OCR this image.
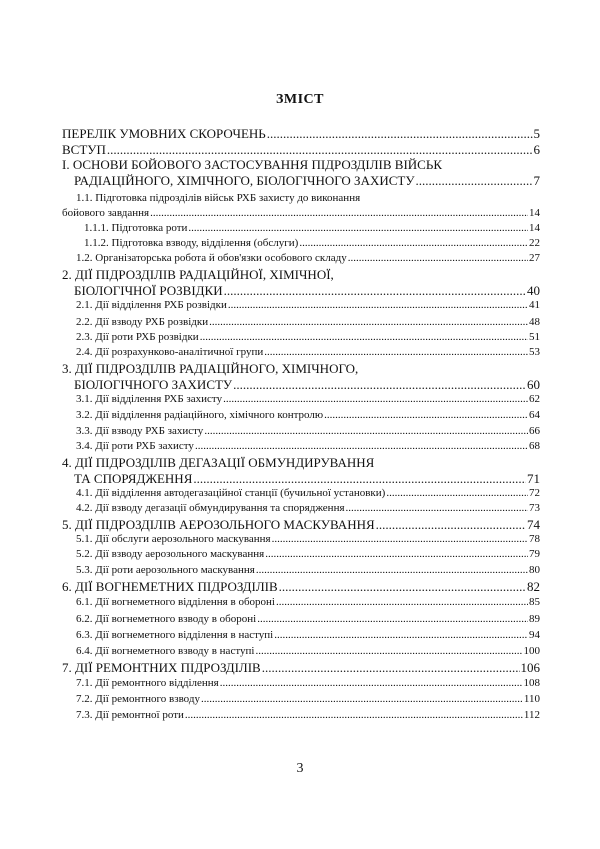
ЗМІСТ
ПЕРЕЛІК УМОВНИХ СКОРОЧЕНЬ .....	5
ВСТУП .....	6
І. ОСНОВИ БОЙОВОГО ЗАСТОСУВАННЯ ПІДРОЗДІЛІВ ВІЙСЬК
РАДІАЦІЙНОГО, ХІМІЧНОГО, БІОЛОГІЧНОГО ЗАХИСТУ .....	7
1.1. Підготовка підрозділів військ РХБ захисту до виконання
бойового завдання .....	14
1.1.1. Підготовка роти .....	14
1.1.2. Підготовка взводу, відділення (обслуги) .....	22
1.2. Організаторська робота й обов'язки особового складу .....	27
2. ДІЇ ПІДРОЗДІЛІВ РАДІАЦІЙНОЇ, ХІМІЧНОЇ,
БІОЛОГІЧНОЇ РОЗВІДКИ .....	40
2.1. Дії відділення РХБ розвідки .....	41
2.2. Дії взводу РХБ розвідки .....	48
2.3. Дії роти РХБ розвідки .....	51
2.4. Дії розрахунково-аналітичної групи .....	53
3. ДІЇ ПІДРОЗДІЛІВ РАДІАЦІЙНОГО, ХІМІЧНОГО,
БІОЛОГІЧНОГО ЗАХИСТУ .....	60
3.1. Дії відділення РХБ захисту .....	62
3.2. Дії відділення радіаційного, хімічного контролю .....	64
3.3. Дії взводу РХБ захисту .....	66
3.4. Дії роти РХБ захисту .....	68
4. ДІЇ ПІДРОЗДІЛІВ ДЕГАЗАЦІЇ ОБМУНДИРУВАННЯ
ТА СПОРЯДЖЕННЯ .....	71
4.1. Дії відділення автодегазаційної станції (бучильної установки) .....	72
4.2. Дії взводу дегазації обмундирування та спорядження .....	73
5. ДІЇ ПІДРОЗДІЛІВ АЕРОЗОЛЬНОГО МАСКУВАННЯ .....	74
5.1. Дії обслуги аерозольного маскування .....	78
5.2. Дії взводу аерозольного маскування .....	79
5.3. Дії роти аерозольного маскування .....	80
6. ДІЇ ВОГНЕМЕТНИХ ПІДРОЗДІЛІВ .....	82
6.1. Дії вогнеметного відділення в обороні .....	85
6.2. Дії вогнеметного взводу в обороні .....	89
6.3. Дії вогнеметного відділення в наступі .....	94
6.4. Дії вогнеметного взводу в наступі .....	100
7. ДІЇ РЕМОНТНИХ ПІДРОЗДІЛІВ .....	106
7.1. Дії ремонтного відділення .....	108
7.2. Дії ремонтного взводу .....	110
7.3. Дії ремонтної роти .....	112
3
